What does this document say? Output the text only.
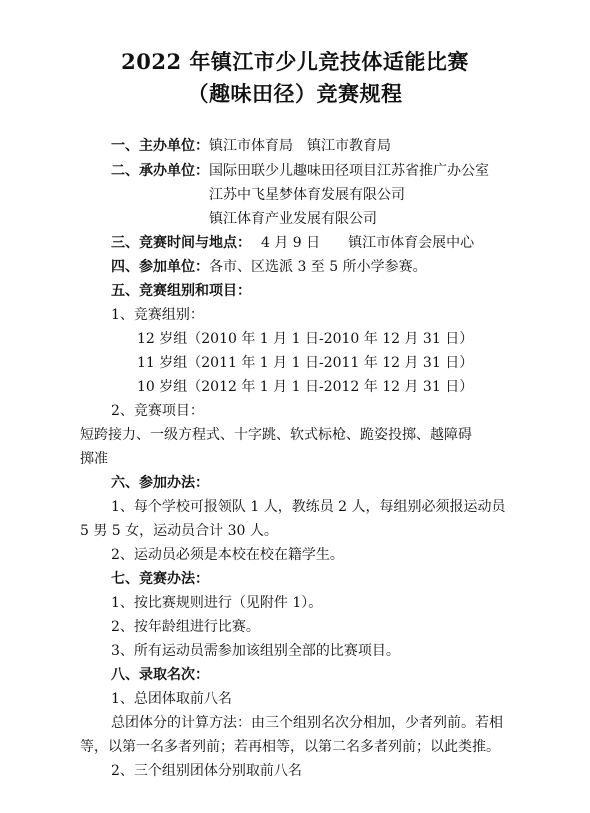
2022 年镇江市少儿竞技体适能比赛
（趣味田径）竞赛规程
一、主办单位：镇江市体育局　镇江市教育局
二、承办单位：国际田联少儿趣味田径项目江苏省推广办公室
江苏中飞星梦体育发展有限公司
镇江体育产业发展有限公司
三、竞赛时间与地点： 4 月 9 日　　镇江市体育会展中心
四、参加单位：各市、区选派 3 至 5 所小学参赛。
五、竞赛组别和项目：
1、竞赛组别：
12 岁组（2010 年 1 月 1 日-2010 年 12 月 31 日）
11 岁组（2011 年 1 月 1 日-2011 年 12 月 31 日）
10 岁组（2012 年 1 月 1 日-2012 年 12 月 31 日）
2、竞赛项目：
短跨接力、一级方程式、十字跳、软式标枪、跪姿投掷、越障碍
掷准
六、参加办法：
1、每个学校可报领队 1 人，教练员 2 人，每组别必须报运动员
5 男 5 女，运动员合计 30 人。
2、运动员必须是本校在校在籍学生。
七、竞赛办法：
1、按比赛规则进行（见附件 1）。
2、按年龄组进行比赛。
3、所有运动员需参加该组别全部的比赛项目。
八、录取名次：
1、总团体取前八名
总团体分的计算方法：由三个组别名次分相加，少者列前。若相
等，以第一名多者列前；若再相等，以第二名多者列前；以此类推。
2、三个组别团体分别取前八名
